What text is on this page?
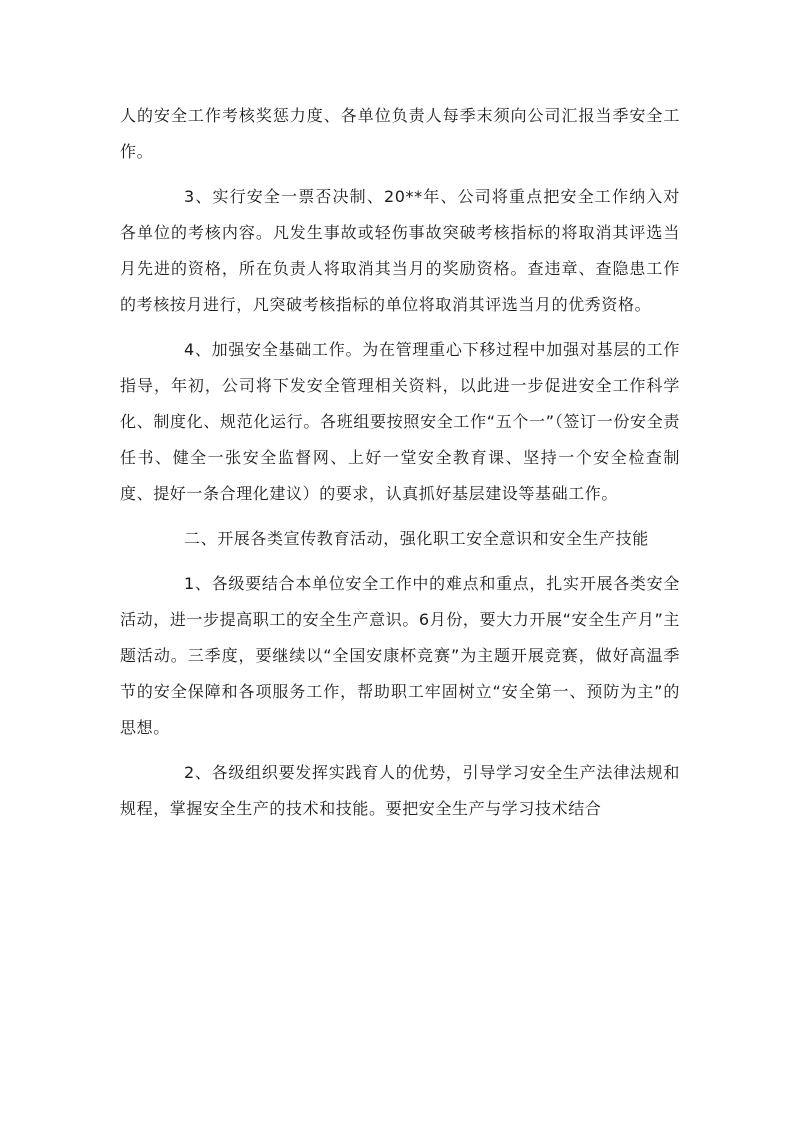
人的安全工作考核奖惩力度、各单位负责人每季末须向公司汇报当季安全工作。

3、实行安全一票否决制、20**年、公司将重点把安全工作纳入对各单位的考核内容。凡发生事故或轻伤事故突破考核指标的将取消其评选当月先进的资格，所在负责人将取消其当月的奖励资格。查违章、查隐患工作的考核按月进行，凡突破考核指标的单位将取消其评选当月的优秀资格。

4、加强安全基础工作。为在管理重心下移过程中加强对基层的工作指导，年初，公司将下发安全管理相关资料，以此进一步促进安全工作科学化、制度化、规范化运行。各班组要按照安全工作“五个一”（签订一份安全责任书、健全一张安全监督网、上好一堂安全教育课、坚持一个安全检查制度、提好一条合理化建议）的要求，认真抓好基层建设等基础工作。

二、开展各类宣传教育活动，强化职工安全意识和安全生产技能

1、各级要结合本单位安全工作中的难点和重点，扎实开展各类安全活动，进一步提高职工的安全生产意识。6月份，要大力开展“安全生产月”主题活动。三季度，要继续以“全国安康杯竞赛”为主题开展竞赛，做好高温季节的安全保障和各项服务工作，帮助职工牢固树立“安全第一、预防为主”的思想。

2、各级组织要发挥实践育人的优势，引导学习安全生产法律法规和规程，掌握安全生产的技术和技能。要把安全生产与学习技术结合
